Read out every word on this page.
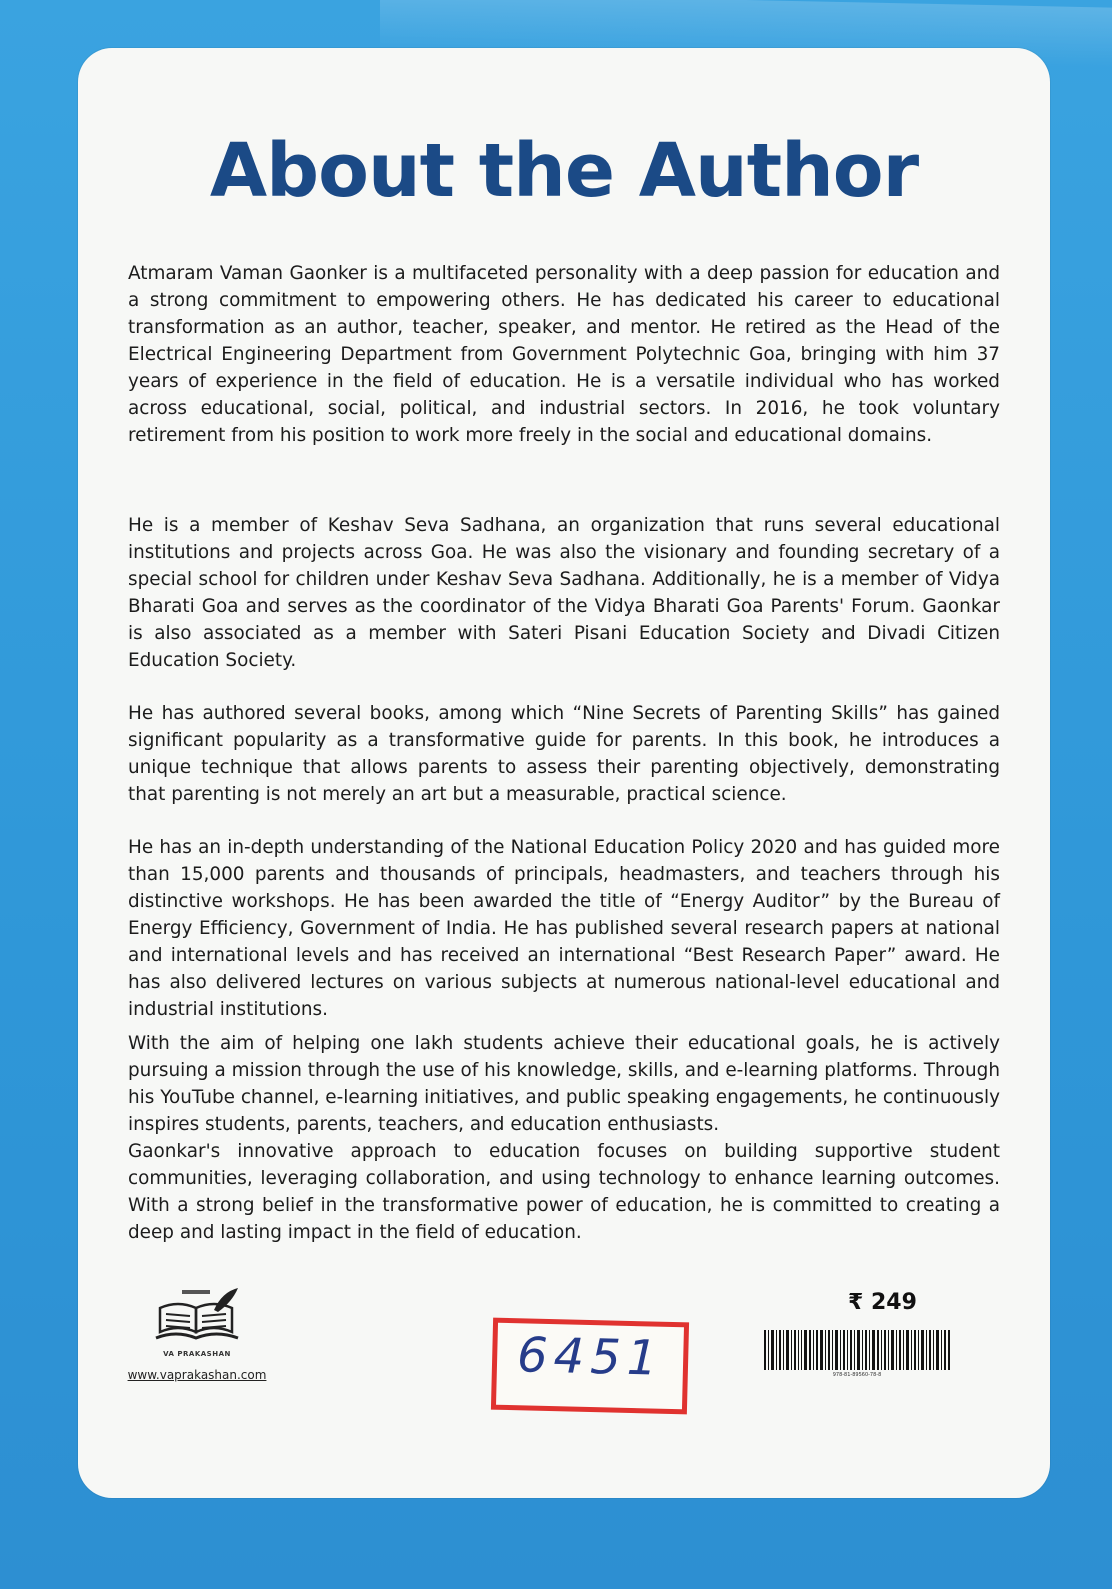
About the Author

Atmaram Vaman Gaonker is a multifaceted personality with a deep passion for education and a strong commitment to empowering others. He has dedicated his career to educational transformation as an author, teacher, speaker, and mentor. He retired as the Head of the Electrical Engineering Department from Government Polytechnic Goa, bringing with him 37 years of experience in the field of education. He is a versatile individual who has worked across educational, social, political, and industrial sectors. In 2016, he took voluntary retirement from his position to work more freely in the social and educational domains.

He is a member of Keshav Seva Sadhana, an organization that runs several educational institutions and projects across Goa. He was also the visionary and founding secretary of a special school for children under Keshav Seva Sadhana. Additionally, he is a member of Vidya Bharati Goa and serves as the coordinator of the Vidya Bharati Goa Parents' Forum. Gaonkar is also associated as a member with Sateri Pisani Education Society and Divadi Citizen Education Society.

He has authored several books, among which “Nine Secrets of Parenting Skills” has gained significant popularity as a transformative guide for parents. In this book, he introduces a unique technique that allows parents to assess their parenting objectively, demonstrating that parenting is not merely an art but a measurable, practical science.

He has an in-depth understanding of the National Education Policy 2020 and has guided more than 15,000 parents and thousands of principals, headmasters, and teachers through his distinctive workshops. He has been awarded the title of “Energy Auditor” by the Bureau of Energy Efficiency, Government of India. He has published several research papers at national and international levels and has received an international “Best Research Paper” award. He has also delivered lectures on various subjects at numerous national-level educational and industrial institutions.

With the aim of helping one lakh students achieve their educational goals, he is actively pursuing a mission through the use of his knowledge, skills, and e-learning platforms. Through his YouTube channel, e-learning initiatives, and public speaking engagements, he continuously inspires students, parents, teachers, and education enthusiasts.

Gaonkar's innovative approach to education focuses on building supportive student communities, leveraging collaboration, and using technology to enhance learning outcomes. With a strong belief in the transformative power of education, he is committed to creating a deep and lasting impact in the field of education.

VA PRAKASHAN
www.vaprakashan.com	6451
₹ 249
978-81-89560-78-8
